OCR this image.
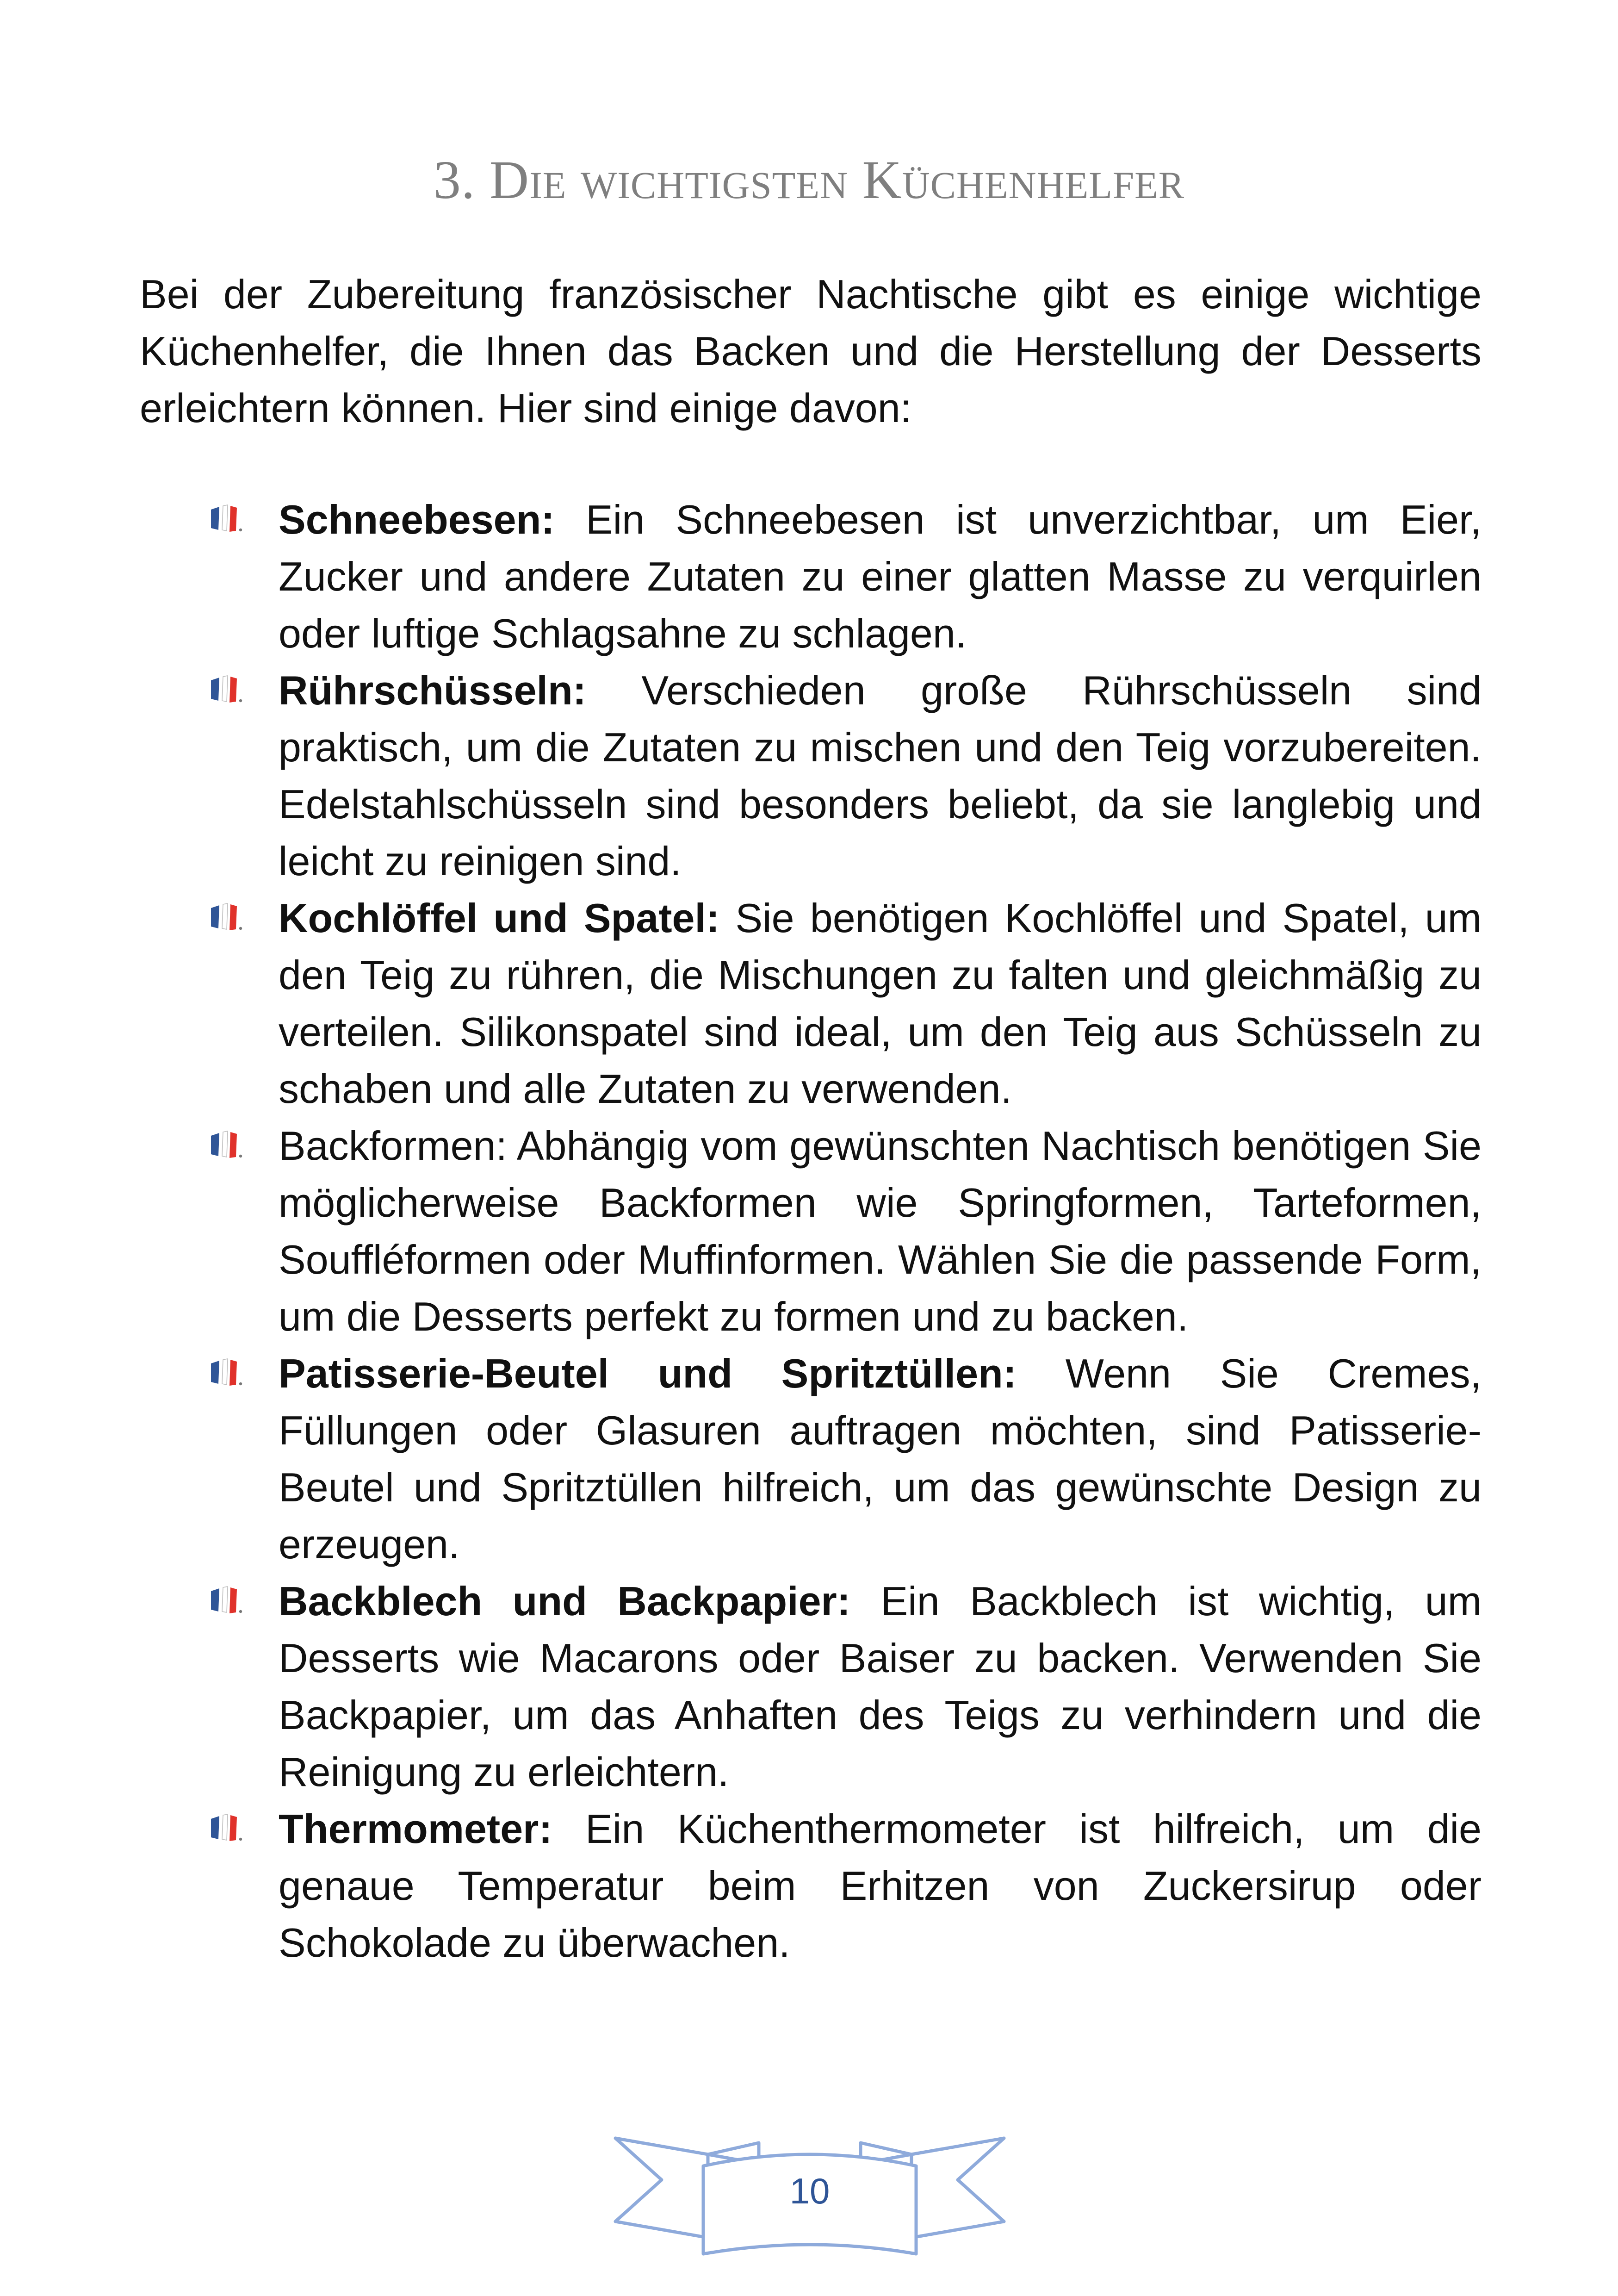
3. Die wichtigsten Küchenhelfer

Bei der Zubereitung französischer Nachtische gibt es einige wichtige Küchenhelfer, die Ihnen das Backen und die Herstellung der Desserts erleichtern können. Hier sind einige davon:

Schneebesen: Ein Schneebesen ist unverzichtbar, um Eier, Zucker und andere Zutaten zu einer glatten Masse zu verquirlen oder luftige Schlagsahne zu schlagen.
Rührschüsseln: Verschieden große Rührschüsseln sind praktisch, um die Zutaten zu mischen und den Teig vorzubereiten. Edelstahlschüsseln sind besonders beliebt, da sie langlebig und leicht zu reinigen sind.
Kochlöffel und Spatel: Sie benötigen Kochlöffel und Spatel, um den Teig zu rühren, die Mischungen zu falten und gleichmäßig zu verteilen. Silikonspatel sind ideal, um den Teig aus Schüsseln zu schaben und alle Zutaten zu verwenden.
Backformen: Abhängig vom gewünschten Nachtisch benötigen Sie möglicherweise Backformen wie Springformen, Tarteformen, Souffléformen oder Muffinformen. Wählen Sie die passende Form, um die Desserts perfekt zu formen und zu backen.
Patisserie-Beutel und Spritztüllen: Wenn Sie Cremes, Füllungen oder Glasuren auftragen möchten, sind Patisserie-Beutel und Spritztüllen hilfreich, um das gewünschte Design zu erzeugen.
Backblech und Backpapier: Ein Backblech ist wichtig, um Desserts wie Macarons oder Baiser zu backen. Verwenden Sie Backpapier, um das Anhaften des Teigs zu verhindern und die Reinigung zu erleichtern.
Thermometer: Ein Küchenthermometer ist hilfreich, um die genaue Temperatur beim Erhitzen von Zuckersirup oder Schokolade zu überwachen.
10
